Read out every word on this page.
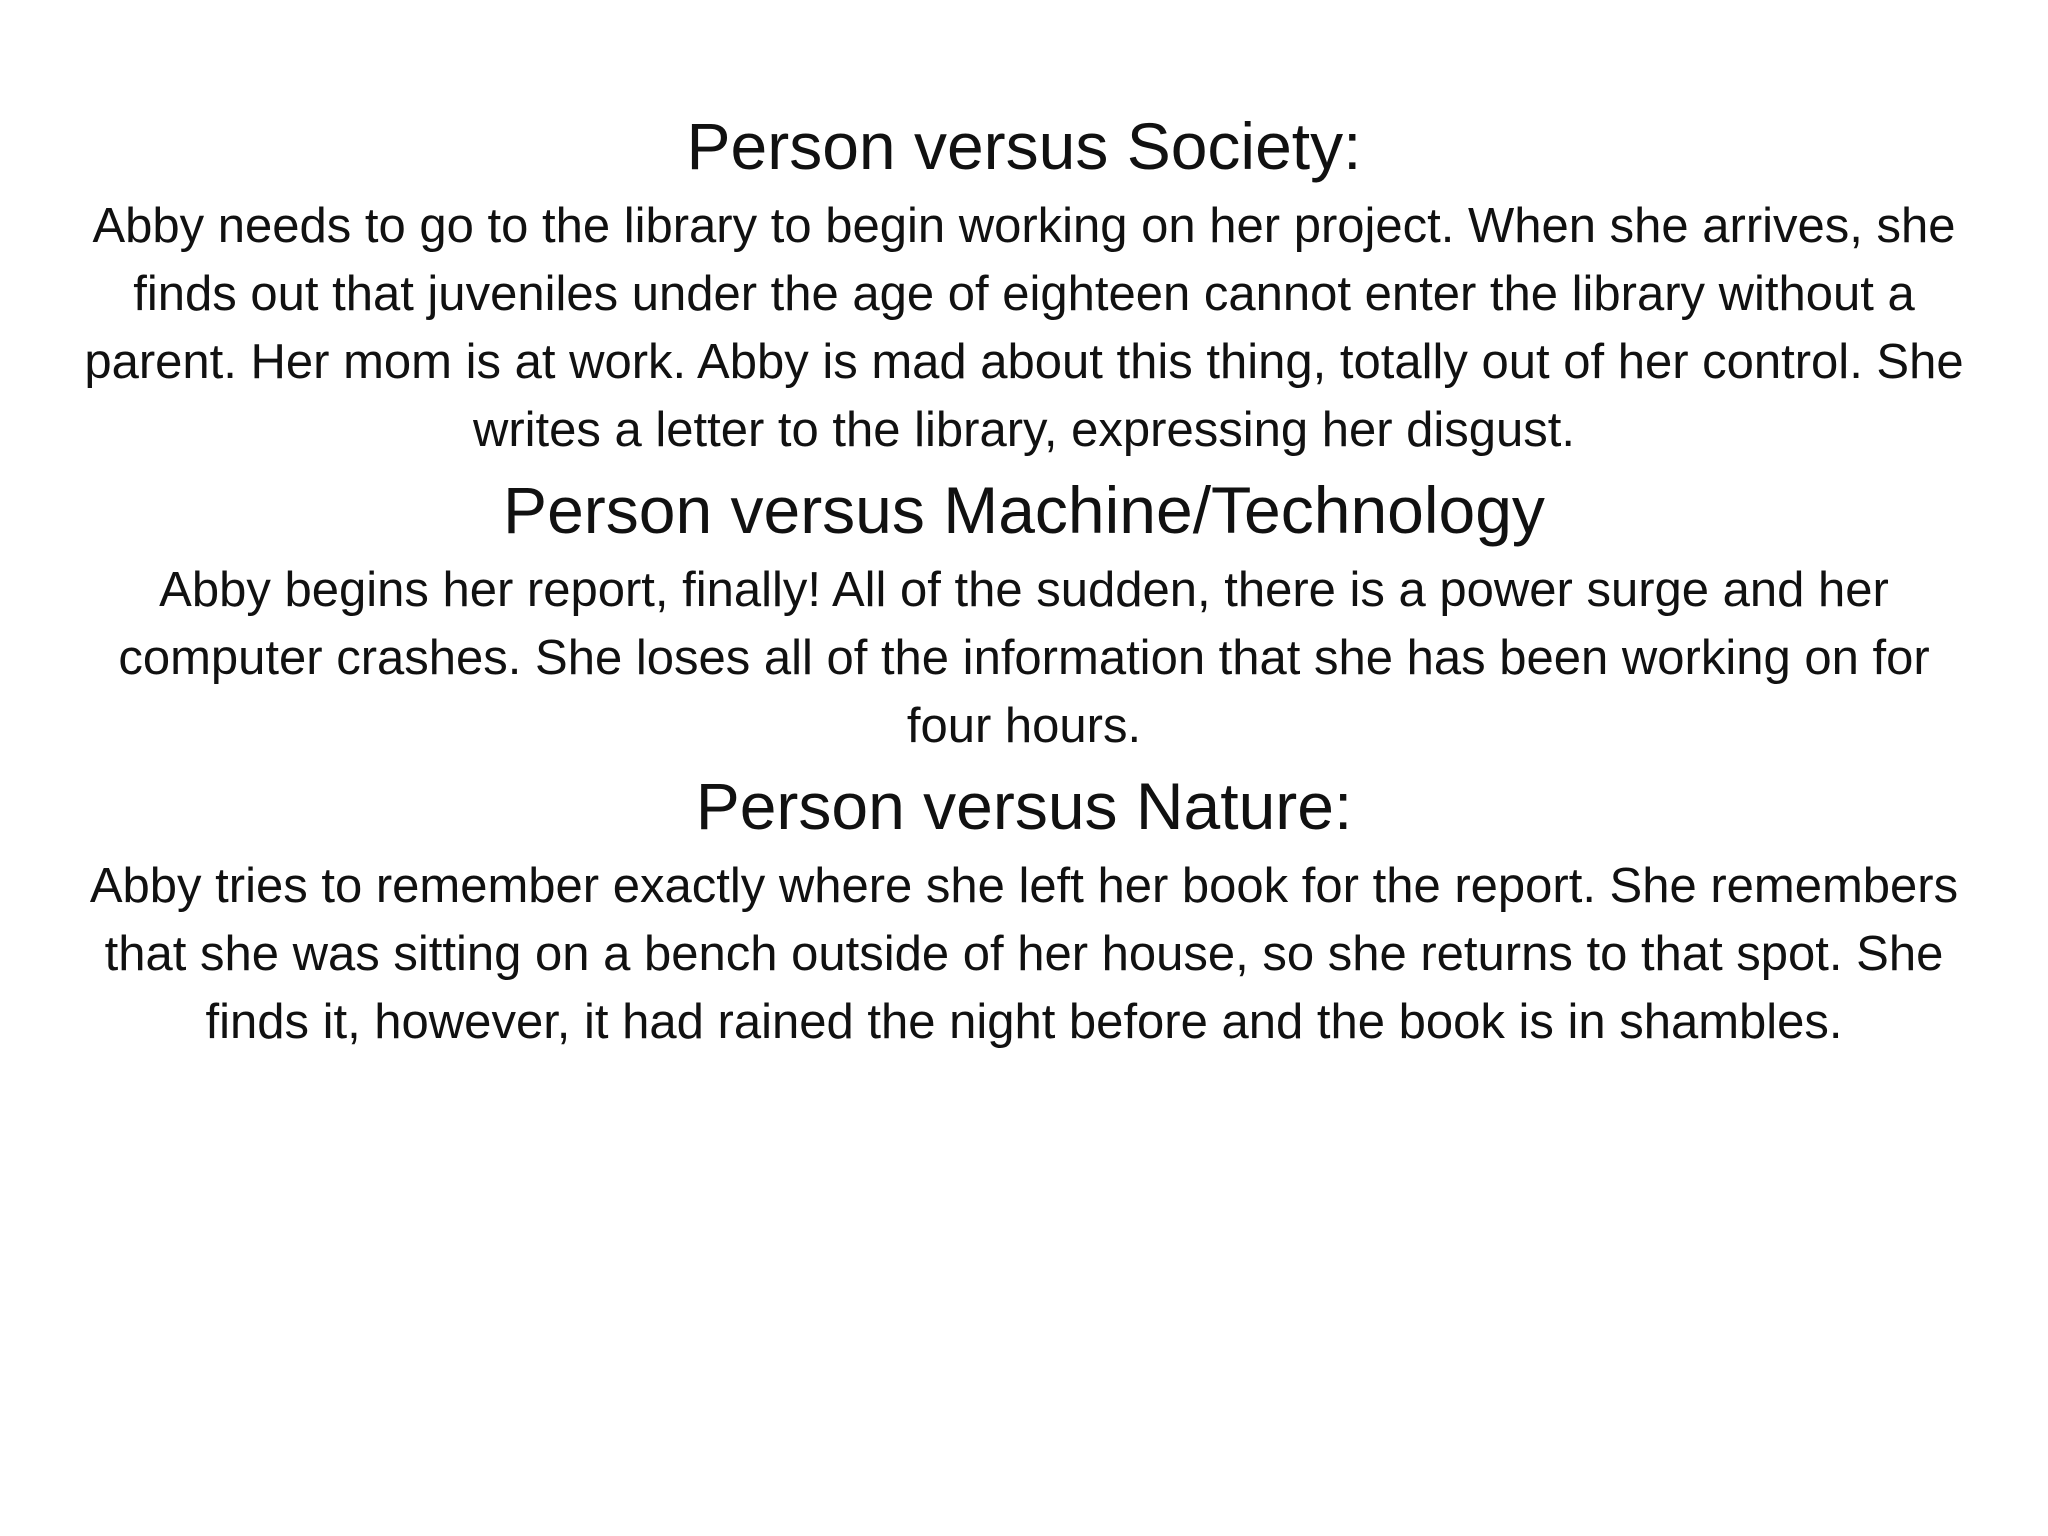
Person versus Society:

Abby needs to go to the library to begin working on her project. When she arrives, she finds out that juveniles under the age of eighteen cannot enter the library without a parent. Her mom is at work. Abby is mad about this thing, totally out of her control. She writes a letter to the library, expressing her disgust.

Person versus Machine/Technology

Abby begins her report, finally! All of the sudden, there is a power surge and her computer crashes. She loses all of the information that she has been working on for four hours.

Person versus Nature:

Abby tries to remember exactly where she left her book for the report. She remembers that she was sitting on a bench outside of her house, so she returns to that spot. She finds it, however, it had rained the night before and the book is in shambles.
